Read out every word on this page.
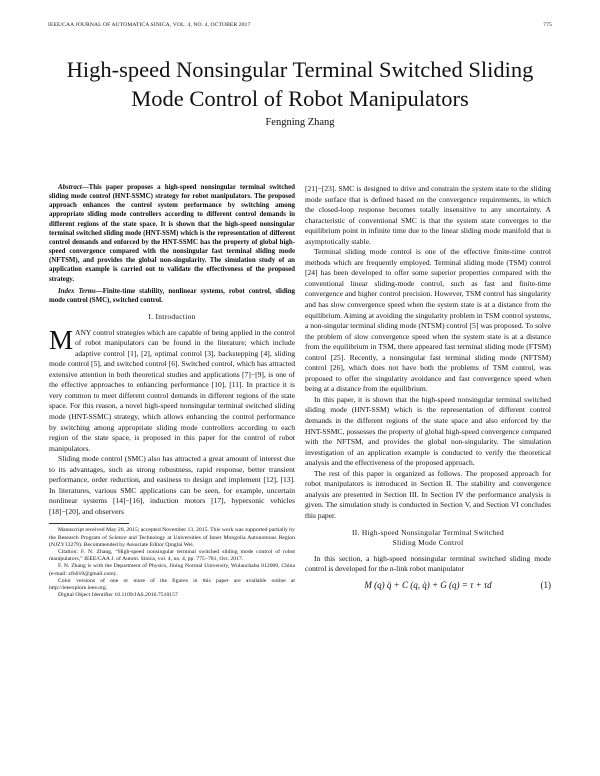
IEEE/CAA JOURNAL OF AUTOMATICA SINICA, VOL. 4, NO. 4, OCTOBER 2017	775
High-speed Nonsingular Terminal Switched Sliding
Mode Control of Robot Manipulators
Fengning Zhang

Abstract—This paper proposes a high-speed nonsingular terminal switched sliding mode control (HNT-SSMC) strategy for robot manipulators. The proposed approach enhances the control system performance by switching among appropriate sliding mode controllers according to different control demands in different regions of the state space. It is shown that the high-speed nonsingular terminal switched sliding mode (HNT-SSM) which is the representation of different control demands and enforced by the HNT-SSMC has the property of global high-speed convergence compared with the nonsingular fast terminal sliding mode (NFTSM), and provides the global non-singularity. The simulation study of an application example is carried out to validate the effectiveness of the proposed strategy.

Index Terms—Finite-time stability, nonlinear systems, robot control, sliding mode control (SMC), switched control.

I. Introduction

MANY control strategies which are capable of being applied in the control of robot manipulators can be found in the literature; which include adaptive control [1], [2], optimal control [3], backstepping [4], sliding mode control [5], and switched control [6]. Switched control, which has attracted extensive attention in both theoretical studies and applications [7]−[9], is one of the effective approaches to enhancing performance [10], [11]. In practice it is very common to meet different control demands in different regions of the state space. For this reason, a novel high-speed nonsingular terminal switched sliding mode (HNT-SSMC) strategy, which allows enhancing the control performance by switching among appropriate sliding mode controllers according to each region of the state space, is proposed in this paper for the control of robot manipulators.

Sliding mode control (SMC) also has attracted a great amount of interest due to its advantages, such as strong robustness, rapid response, better transient performance, order reduction, and easiness to design and implement [12], [13]. In literatures, various SMC applications can be seen, for example, uncertain nonlinear systems [14]−[16], induction motors [17], hypersonic vehicles [18]−[20], and observers

Manuscript received May 20, 2015; accepted November 13, 2015. This work was supported partially by the Research Program of Science and Technology at Universities of Inner Mongolia Autonomous Region (NJZY13279). Recommended by Associate Editor Qinglai Wei.

Citation: F. N. Zhang, “High-speed nonsingular terminal switched sliding mode control of robot manipulators,” IEEE/CAA J. of Autom. Sinica, vol. 4, no. 4, pp. 775−781, Oct. 2017.

F. N. Zhang is with the Department of Physics, Jining Normal University, Wulanchabu 012000, China (e-mail: zfn010@gmail.com).

Color versions of one or more of the figures in this paper are available online at http://ieeexplore.ieee.org.

Digital Object Identifier 10.1109/JAS.2016.7510157

[21]−[23]. SMC is designed to drive and constrain the system state to the sliding mode surface that is defined based on the convergence requirements, in which the closed-loop response becomes totally insensitive to any uncertainty. A characteristic of conventional SMC is that the system state converges to the equilibrium point in infinite time due to the linear sliding mode manifold that is asymptotically stable.

Terminal sliding mode control is one of the effective finite-time control methods which are frequently employed. Terminal sliding mode (TSM) control [24] has been developed to offer some superior properties compared with the conventional linear sliding-mode control, such as fast and finite-time convergence and higher control precision. However, TSM control has singularity and has slow convergence speed when the system state is at a distance from the equilibrium. Aiming at avoiding the singularity problem in TSM control systems, a non-singular terminal sliding mode (NTSM) control [5] was proposed. To solve the problem of slow convergence speed when the system state is at a distance from the equilibrium in TSM, there appeared fast terminal sliding mode (FTSM) control [25]. Recently, a nonsingular fast terminal sliding mode (NFTSM) control [26], which does not have both the problems of TSM control, was proposed to offer the singularity avoidance and fast convergence speed when being at a distance from the equilibrium.

In this paper, it is shown that the high-speed nonsingular terminal switched sliding mode (HNT-SSM) which is the representation of different control demands in the different regions of the state space and also enforced by the HNT-SSMC, possesses the property of global high-speed convergence compared with the NFTSM, and provides the global non-singularity. The simulation investigation of an application example is conducted to verify the theoretical analysis and the effectiveness of the proposed approach.

The rest of this paper is organized as follows. The proposed approach for robot manipulators is introduced in Section II. The stability and convergence analysis are presented in Section III. In Section IV the performance analysis is given. The simulation study is conducted in Section V, and Section VI concludes this paper.

II. High-speed Nonsingular Terminal Switched
Sliding Mode Control

In this section, a high-speed nonsingular terminal switched sliding mode control is developed for the n-link robot manipulator

M (q) q̈ + C (q, q̇) + G (q) = τ + τd	(1)
